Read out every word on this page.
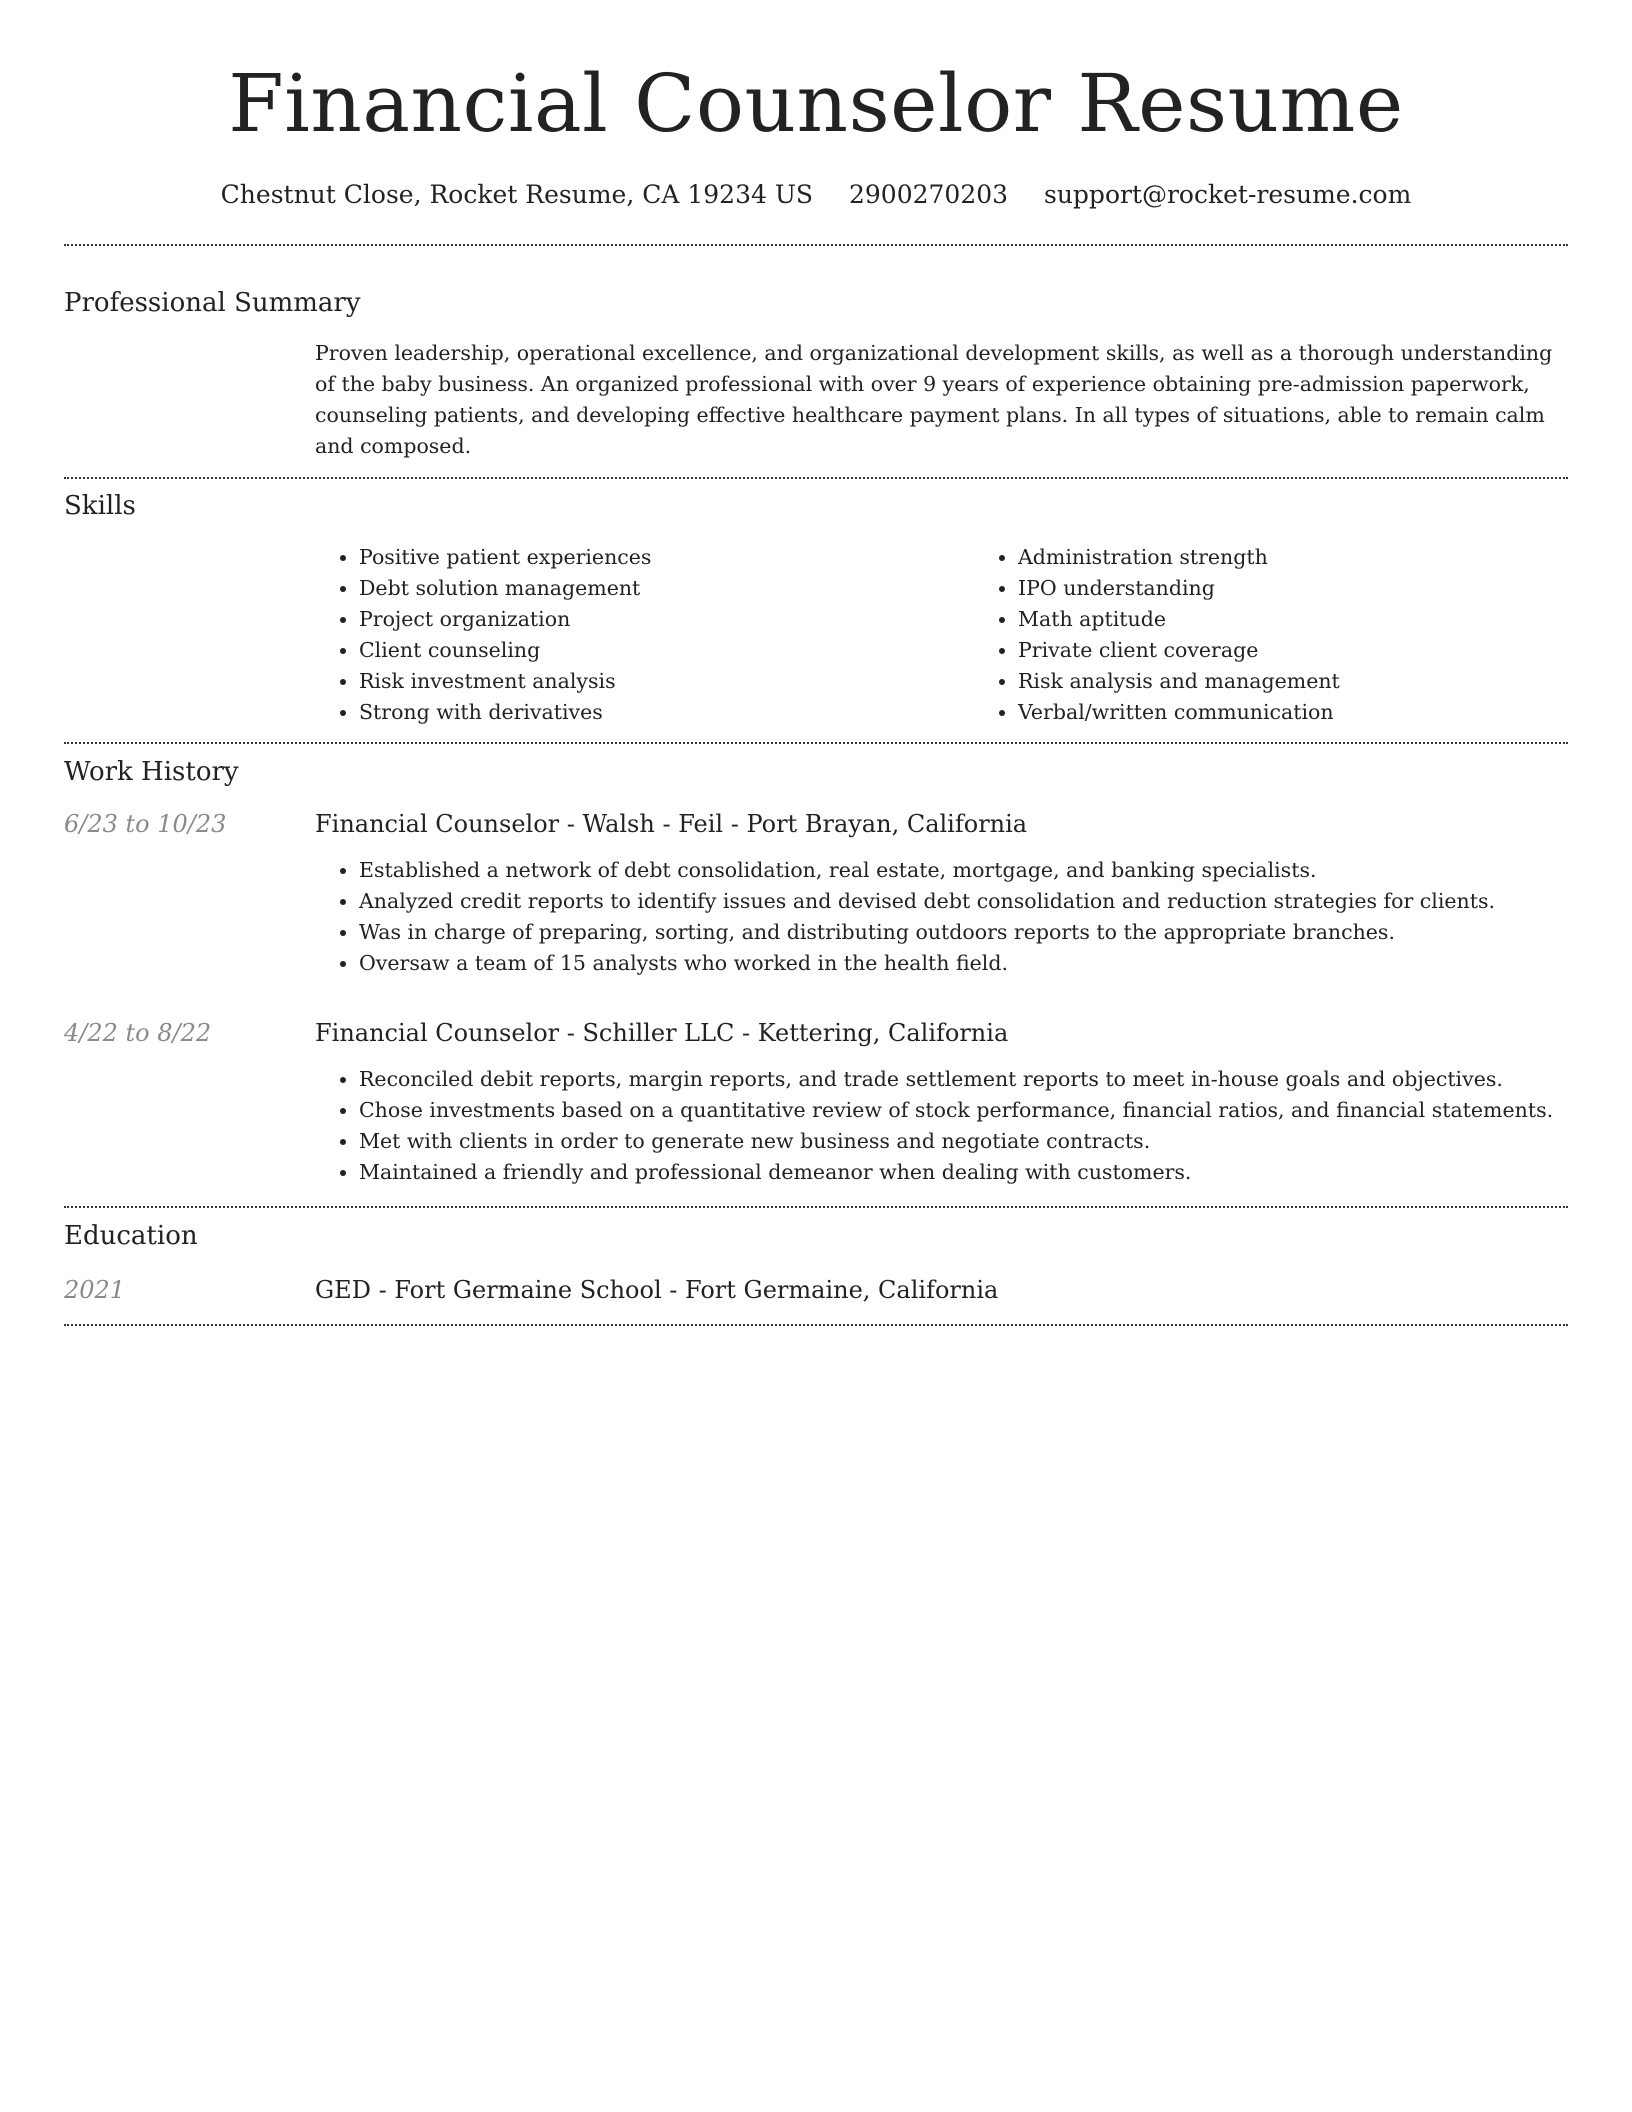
Financial Counselor Resume
Chestnut Close, Rocket Resume, CA 19234 US 2900270203 support@rocket-resume.com
Professional Summary

Proven leadership, operational excellence, and organizational development skills, as well as a thorough understanding of the baby business. An organized professional with over 9 years of experience obtaining pre-admission paperwork, counseling patients, and developing effective healthcare payment plans. In all types of situations, able to remain calm and composed.

Skills
• Positive patient experiences
• Debt solution management
• Project organization
• Client counseling
• Risk investment analysis
• Strong with derivatives
• Administration strength
• IPO understanding
• Math aptitude
• Private client coverage
• Risk analysis and management
• Verbal/written communication
Work History
6/23 to 10/23	Financial Counselor - Walsh - Feil - Port Brayan, California
• Established a network of debt consolidation, real estate, mortgage, and banking specialists.
• Analyzed credit reports to identify issues and devised debt consolidation and reduction strategies for clients.
• Was in charge of preparing, sorting, and distributing outdoors reports to the appropriate branches.
• Oversaw a team of 15 analysts who worked in the health field.
4/22 to 8/22	Financial Counselor - Schiller LLC - Kettering, California
• Reconciled debit reports, margin reports, and trade settlement reports to meet in-house goals and objectives.
• Chose investments based on a quantitative review of stock performance, financial ratios, and financial statements.
• Met with clients in order to generate new business and negotiate contracts.
• Maintained a friendly and professional demeanor when dealing with customers.
Education
2021	GED - Fort Germaine School - Fort Germaine, California
